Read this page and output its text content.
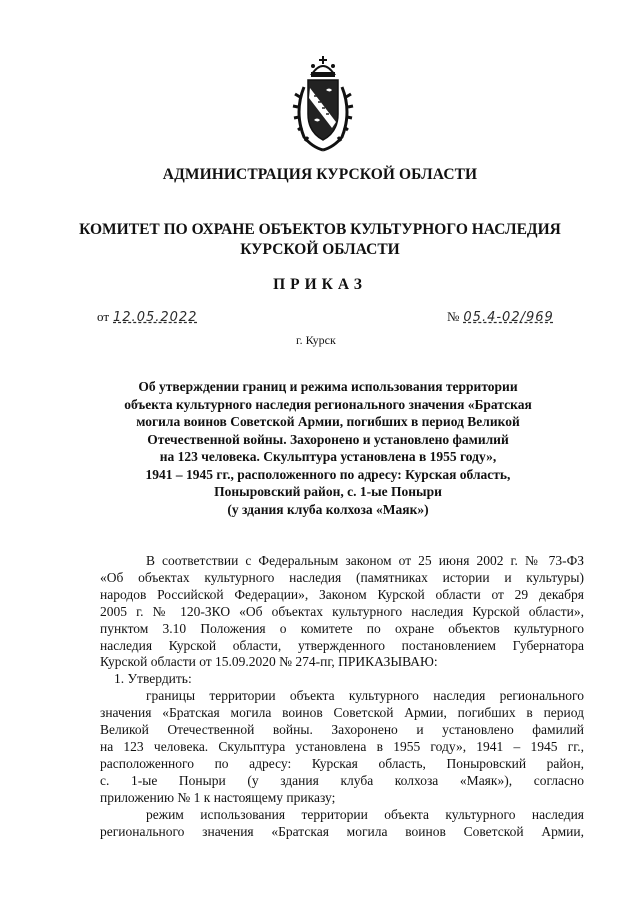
АДМИНИСТРАЦИЯ КУРСКОЙ ОБЛАСТИ
КОМИТЕТ ПО ОХРАНЕ ОБЪЕКТОВ КУЛЬТУРНОГО НАСЛЕДИЯ
КУРСКОЙ ОБЛАСТИ
ПРИКАЗ
от 12.05.2022	№ 05.4-02/969
г. Курск
Об утверждении границ и режима использования территории
объекта культурного наследия регионального значения «Братская
могила воинов Советской Армии, погибших в период Великой
Отечественной войны. Захоронено и установлено фамилий
на 123 человека. Скульптура установлена в 1955 году»,
1941 – 1945 гг., расположенного по адресу: Курская область,
Поныровский район, с. 1-ые Поныри
(у здания клуба колхоза «Маяк»)
В соответствии с Федеральным законом от 25 июня 2002 г. № 73-ФЗ
«Об объектах культурного наследия (памятниках истории и культуры)
народов Российской Федерации», Законом Курской области от 29 декабря
2005 г. № 120-ЗКО «Об объектах культурного наследия Курской области»,
пунктом 3.10 Положения о комитете по охране объектов культурного
наследия Курской области, утвержденного постановлением Губернатора
Курской области от 15.09.2020 № 274-пг, ПРИКАЗЫВАЮ:
1. Утвердить:
границы территории объекта культурного наследия регионального
значения «Братская могила воинов Советской Армии, погибших в период
Великой Отечественной войны. Захоронено и установлено фамилий
на 123 человека. Скульптура установлена в 1955 году», 1941 – 1945 гг.,
расположенного по адресу: Курская область, Поныровский район,
с. 1-ые Поныри (у здания клуба колхоза «Маяк»), согласно
приложению № 1 к настоящему приказу;
режим использования территории объекта культурного наследия
регионального значения «Братская могила воинов Советской Армии,
